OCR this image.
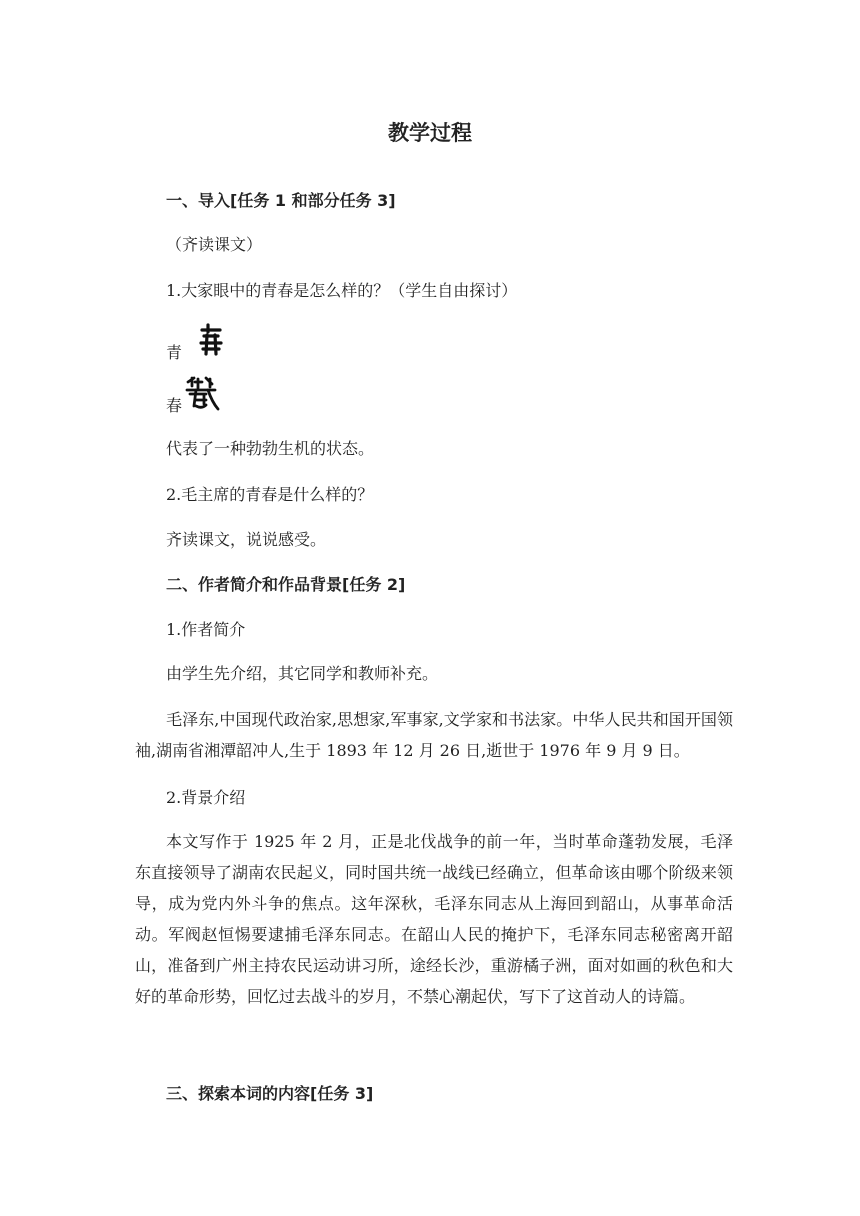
教学过程
一、导入[任务 1 和部分任务 3]
（齐读课文）
1.大家眼中的青春是怎么样的？（学生自由探讨）
青
春
代表了一种勃勃生机的状态。
2.毛主席的青春是什么样的？
齐读课文，说说感受。
二、作者简介和作品背景[任务 2]
1.作者简介
由学生先介绍，其它同学和教师补充。
毛泽东,中国现代政治家,思想家,军事家,文学家和书法家。中华人民共和国开国领袖,湖南省湘潭韶冲人,生于 1893 年 12 月 26 日,逝世于 1976 年 9 月 9 日。
2.背景介绍
本文写作于 1925 年 2 月，正是北伐战争的前一年，当时革命蓬勃发展，毛泽东直接领导了湖南农民起义，同时国共统一战线已经确立，但革命该由哪个阶级来领导，成为党内外斗争的焦点。这年深秋，毛泽东同志从上海回到韶山，从事革命活动。军阀赵恒惕要逮捕毛泽东同志。在韶山人民的掩护下，毛泽东同志秘密离开韶山，准备到广州主持农民运动讲习所，途经长沙，重游橘子洲，面对如画的秋色和大好的革命形势，回忆过去战斗的岁月，不禁心潮起伏，写下了这首动人的诗篇。
三、探索本词的内容[任务 3]
